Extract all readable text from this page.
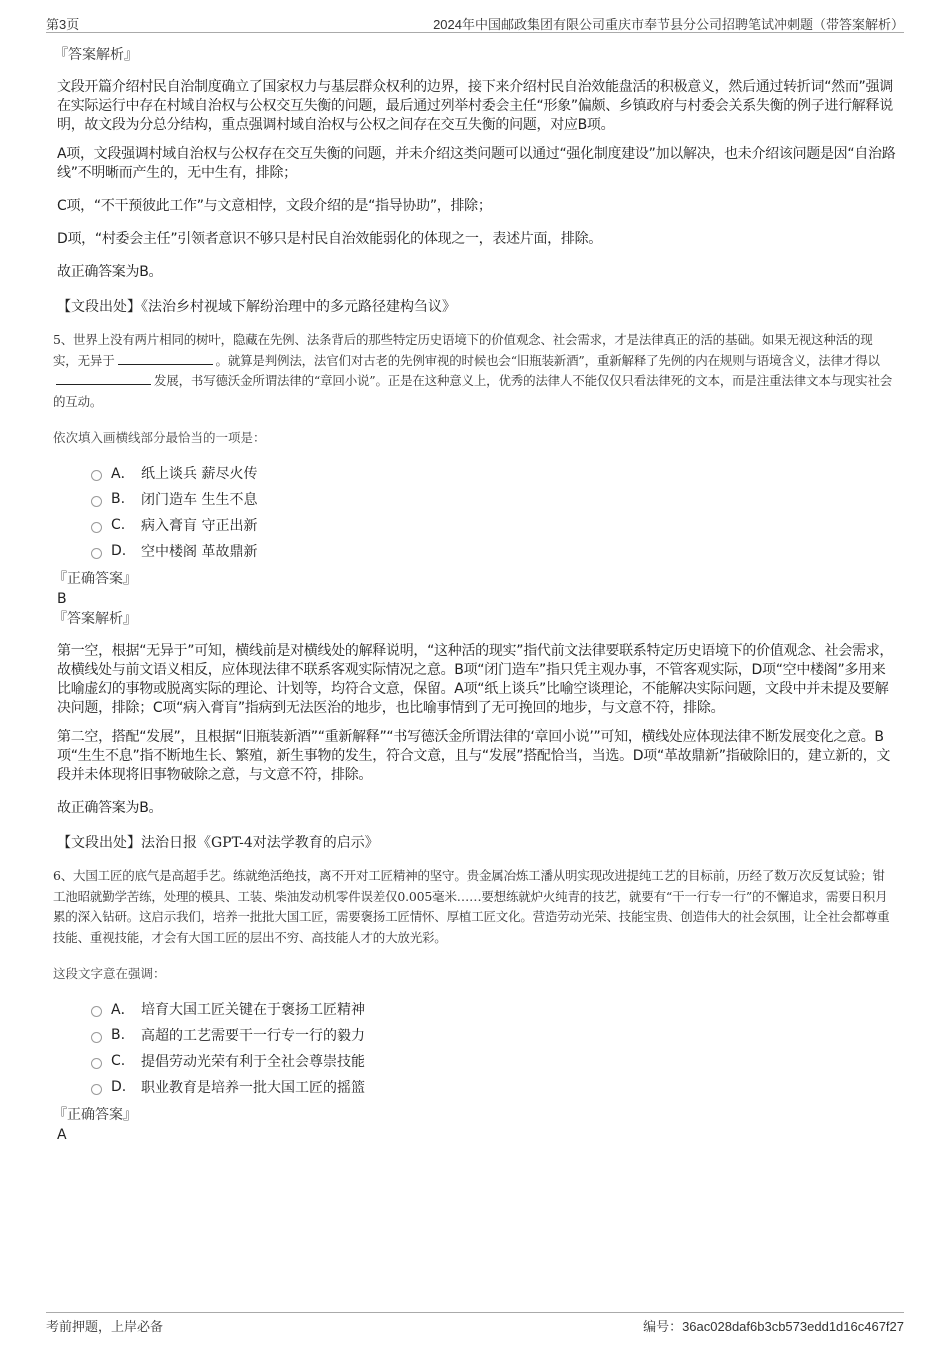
第3页	2024年中国邮政集团有限公司重庆市奉节县分公司招聘笔试冲刺题（带答案解析）
『答案解析』

文段开篇介绍村民自治制度确立了国家权力与基层群众权利的边界，接下来介绍村民自治效能盘活的积极意义，然后通过转折词“然而”强调在实际运行中存在村域自治权与公权交互失衡的问题，最后通过列举村委会主任“形象”偏颇、乡镇政府与村委会关系失衡的例子进行解释说明，故文段为分总分结构，重点强调村域自治权与公权之间存在交互失衡的问题，对应B项。

A项，文段强调村域自治权与公权存在交互失衡的问题，并未介绍这类问题可以通过“强化制度建设”加以解决，也未介绍该问题是因“自治路线”不明晰而产生的，无中生有，排除；

C项，“不干预彼此工作”与文意相悖，文段介绍的是“指导协助”，排除；

D项，“村委会主任”引领者意识不够只是村民自治效能弱化的体现之一，表述片面，排除。

故正确答案为B。

【文段出处】《法治乡村视域下解纷治理中的多元路径建构刍议》

5、世界上没有两片相同的树叶，隐藏在先例、法条背后的那些特定历史语境下的价值观念、社会需求，才是法律真正的活的基础。如果无视这种活的现实，无异于	。就算是判例法，法官们对古老的先例审视的时候也会“旧瓶装新酒”，重新解释了先例的内在规则与语境含义，法律才得以发展，书写德沃金所谓法律的“章回小说”。正是在这种意义上，优秀的法律人不能仅仅只看法律死的文本，而是注重法律文本与现实社会的互动。

依次填入画横线部分最恰当的一项是：

A． 纸上谈兵 薪尽火传
B.	闭门造车 生生不息
C.	病入膏肓 守正出新
D.	空中楼阁 革故鼎新
『正确答案』
B
『答案解析』

第一空，根据“无异于”可知，横线前是对横线处的解释说明，“这种活的现实”指代前文法律要联系特定历史语境下的价值观念、社会需求，故横线处与前文语义相反，应体现法律不联系客观实际情况之意。B项“闭门造车”指只凭主观办事，不管客观实际，D项“空中楼阁”多用来比喻虚幻的事物或脱离实际的理论、计划等，均符合文意，保留。A项“纸上谈兵”比喻空谈理论，不能解决实际问题，文段中并未提及要解决问题，排除；C项“病入膏肓”指病到无法医治的地步，也比喻事情到了无可挽回的地步，与文意不符，排除。

第二空，搭配“发展”，且根据“旧瓶装新酒”“重新解释”“书写德沃金所谓法律的‘章回小说’”可知，横线处应体现法律不断发展变化之意。B项“生生不息”指不断地生长、繁殖，新生事物的发生，符合文意，且与“发展”搭配恰当，当选。D项“革故鼎新”指破除旧的，建立新的，文段并未体现将旧事物破除之意，与文意不符，排除。

故正确答案为B。

【文段出处】法治日报《GPT-4对法学教育的启示》

6、大国工匠的底气是高超手艺。练就绝活绝技，离不开对工匠精神的坚守。贵金属冶炼工潘从明实现改进提纯工艺的目标前，历经了数万次反复试验；钳工池昭就勤学苦练，处理的模具、工装、柴油发动机零件误差仅0.005毫米……要想练就炉火纯青的技艺，就要有“干一行专一行”的不懈追求，需要日积月累的深入钻研。这启示我们，培养一批批大国工匠，需要褒扬工匠情怀、厚植工匠文化。营造劳动光荣、技能宝贵、创造伟大的社会氛围，让全社会都尊重技能、重视技能，才会有大国工匠的层出不穷、高技能人才的大放光彩。

这段文字意在强调：

A． 培育大国工匠关键在于褒扬工匠精神
B.	高超的工艺需要干一行专一行的毅力
C.	提倡劳动光荣有利于全社会尊崇技能
D.	职业教育是培养一批大国工匠的摇篮
『正确答案』
A
考前押题，上岸必备	编号：36ac028daf6b3cb573edd1d16c467f27
